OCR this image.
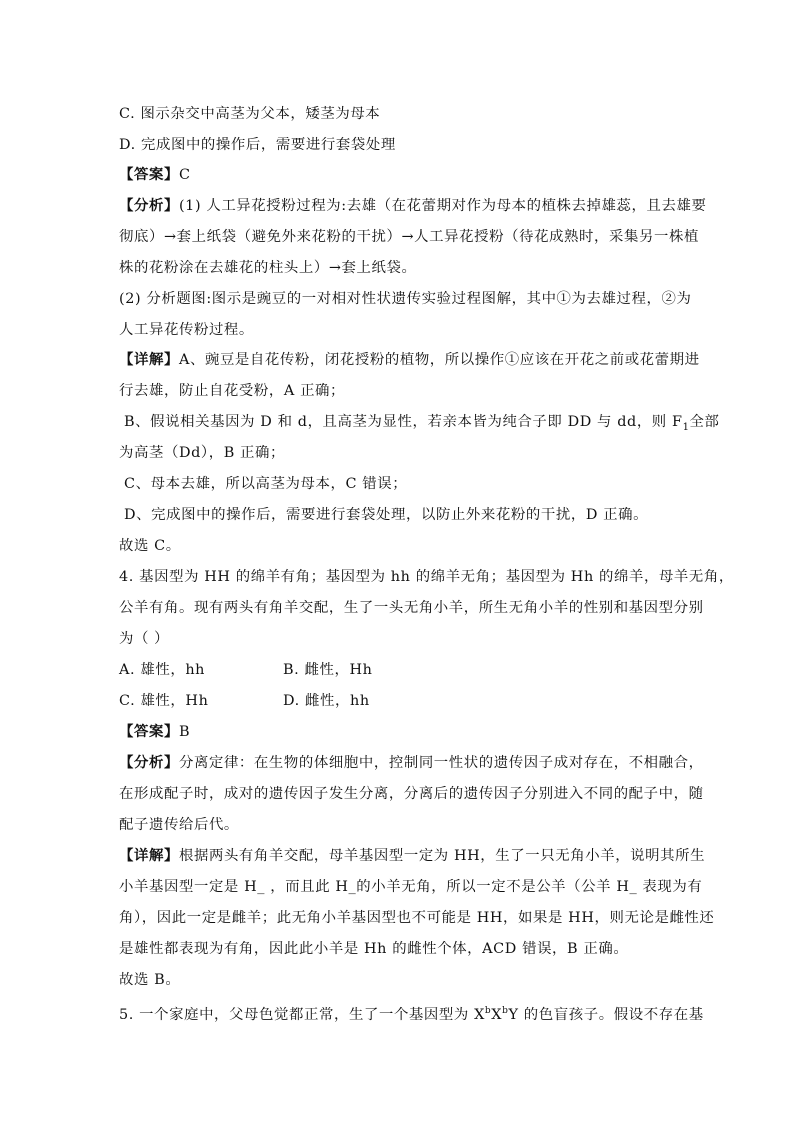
C. 图示杂交中高茎为父本，矮茎为母本
D. 完成图中的操作后，需要进行套袋处理
【答案】C
【分析】(1) 人工异花授粉过程为:去雄（在花蕾期对作为母本的植株去掉雄蕊，且去雄要
彻底）→套上纸袋（避免外来花粉的干扰）→人工异花授粉（待花成熟时，采集另一株植
株的花粉涂在去雄花的柱头上）→套上纸袋。
(2) 分析题图:图示是豌豆的一对相对性状遗传实验过程图解，其中①为去雄过程，②为
人工异花传粉过程。
【详解】A、豌豆是自花传粉，闭花授粉的植物，所以操作①应该在开花之前或花蕾期进
行去雄，防止自花受粉，A 正确；
B、假说相关基因为 D 和 d，且高茎为显性，若亲本皆为纯合子即 DD 与 dd，则 $F_1$全部
为高茎（Dd），B 正确；
C、母本去雄，所以高茎为母本，C 错误；
D、完成图中的操作后，需要进行套袋处理，以防止外来花粉的干扰，D 正确。
故选 C。
4. 基因型为 HH 的绵羊有角；基因型为 hh 的绵羊无角；基因型为 Hh 的绵羊，母羊无角，
公羊有角。现有两头有角羊交配，生了一头无角小羊，所生无角小羊的性别和基因型分别
为（ ）
A. 雄性，hh	B. 雌性，Hh
C. 雄性，Hh	D. 雌性，hh
【答案】B
【分析】分离定律：在生物的体细胞中，控制同一性状的遗传因子成对存在，不相融合，
在形成配子时，成对的遗传因子发生分离，分离后的遗传因子分别进入不同的配子中，随
配子遗传给后代。
【详解】根据两头有角羊交配，母羊基因型一定为 HH，生了一只无角小羊，说明其所生
小羊基因型一定是 H_ ，而且此 H_的小羊无角，所以一定不是公羊（公羊 H_ 表现为有
角），因此一定是雌羊；此无角小羊基因型也不可能是 HH，如果是 HH，则无论是雌性还
是雄性都表现为有角，因此此小羊是 Hh 的雌性个体，ACD 错误，B 正确。
故选 B。
5. 一个家庭中，父母色觉都正常，生了一个基因型为 $X^bX^bY$ 的色盲孩子。假设不存在基
